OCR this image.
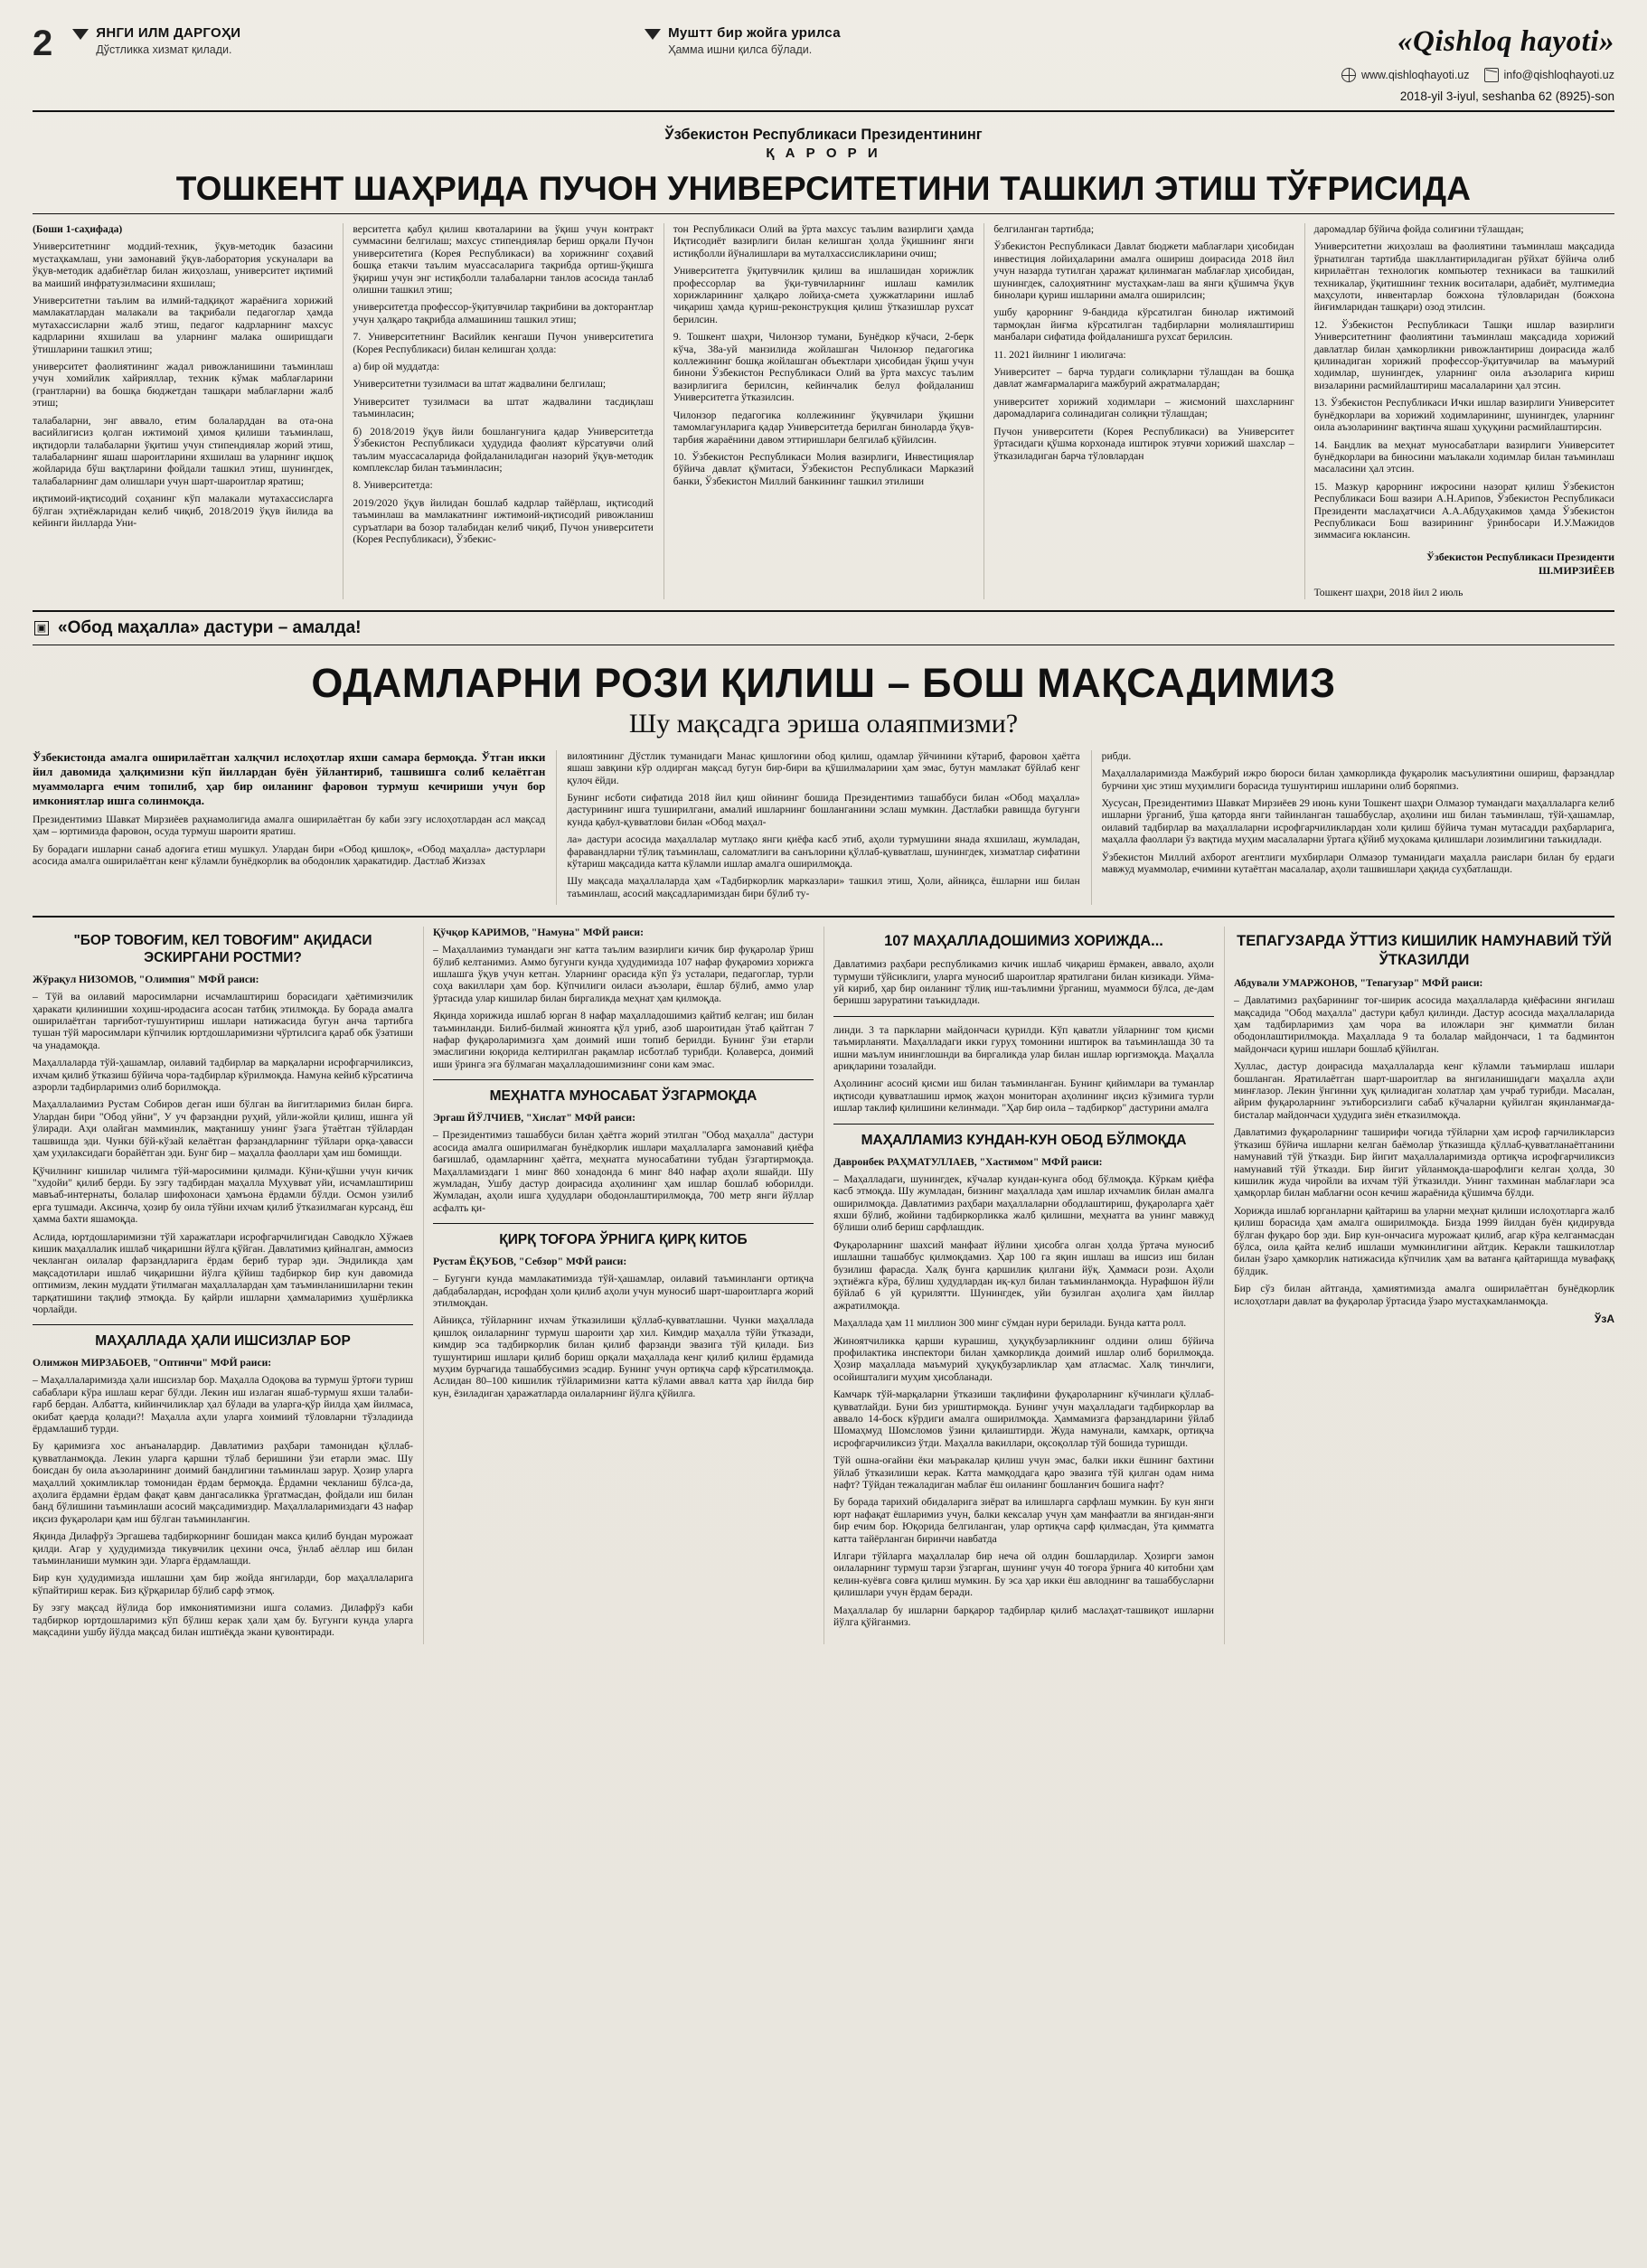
2	ЯНГИ ИЛМ ДАРГОҲИ
Дўстликка хизмат қилади.
Муштт бир жойга урилса
Ҳамма ишни қилса бўлади.	«Qishloq hayoti»
www.qishloqhayoti.uz	info@qishloqhayoti.uz
2018-yil 3-iyul, seshanba 62 (8925)-son
Ўзбекистон Республикаси Президентининг
Қ А Р О Р И
ТОШКЕНТ ШАҲРИДА ПУЧОН УНИВЕРСИТЕТИНИ ТАШКИЛ ЭТИШ ТЎҒРИСИДА

(Боши 1-саҳифада)

Университетнинг моддий-техник, ўқув-методик базасини мустаҳкамлаш, уни замонавий ўқув-лаборатория ускуналари ва ўқув-методик адабиётлар билан жиҳозлаш, университет иқтимий ва маиший инфратузилмасини яхшилаш;

Университетни таълим ва илмий-тадқиқот жараёнига хорижий мамлакатлардан малакали ва тақрибали педагоглар ҳамда мутахассисларни жалб этиш, педагог кадрларнинг махсус кадрларини яхшилаш ва уларнинг малака оширишдаги ўтишларини ташкил этиш;

университет фаолиятининг жадал ривожланишини таъминлаш учун хомийлик хайрияллар, техник кўмак маблағларини (грантларни) ва бошқа бюджетдан ташқари маблағларни жалб этиш;

талабаларни, энг аввало, етим болаларддан ва ота-она васийлигисиз қолган ижтимоий ҳимоя қилиши таъминлаш, иқтидорли талабаларни ўқитиш учун стипендиялар жорий этиш, талабаларнинг яшаш шароитларини яхшилаш ва уларнинг иқшоқ жойларида бўш вақтларини фойдали ташкил этиш, шунингдек, талабаларнинг дам олишлари учун шарт-шароитлар яратиш;

иқтимоий-иқтисодий соҳанинг кўп малакали мутахассисларга бўлган эҳтиёжларидан келиб чиқиб, 2018/2019 ўқув йилида ва кейинги йилларда Уни-

верситетга қабул қилиш квоталарини ва ўқиш учун контракт суммасини белгилаш; махсус стипендиялар бериш орқали Пучон университетига (Корея Республикаси) ва хорижнинг соҳавий бошқа етакчи таълим муассасаларига тақрибда ортиш-ўқишга ўқириш учун энг истиқболли талабаларни танлов асосида танлаб олишни ташкил этиш;

университетда профессор-ўқитувчилар тақрибини ва докторантлар учун ҳалқаро тақрибда алмашиниш ташкил этиш;

7. Университетнинг Васийлик кенгаши Пучон университетига (Корея Республикаси) билан келишган ҳолда:

а) бир ой муддатда:

Университетни тузилмаси ва штат жадвалини белгилаш;

Университет тузилмаси ва штат жадвалини тасдиқлаш таъминласин;

б) 2018/2019 ўқув йили бошлангунига қадар Университетда Ўзбекистон Республикаси ҳудудида фаолият кўрсатувчи олий таълим муассасаларида фойдаланиладиган назорий ўқув-методик комплекслар билан таъминласин;

8. Университетда:

2019/2020 ўқув йилидан бошлаб кадрлар тайёрлаш, иқтисодий таъминлаш ва мамлакатнинг ижтимоий-иқтисодий ривожланиш суръатлари ва бозор талабидан келиб чиқиб, Пучон университети (Корея Республикаси), Ўзбекис-

тон Республикаси Олий ва ўрта махсус таълим вазирлиги ҳамда Иқтисодиёт вазирлиги билан келишган ҳолда ўқишнинг янги истиқболли йўналишлари ва муталхассисликларини очиш;

Университетга ўқитувчилик қилиш ва ишлашидан хорижлик профессорлар ва ўқи-тувчиларнинг ишлаш камилик хорижларининг ҳалқаро лойиҳа-смета ҳужжатларини ишлаб чиқариш ҳамда қуриш-реконструкция қилиш ўтказишлар рухсат берилсин.

9. Тошкент шаҳри, Чилонзор тумани, Бунёдкор кўчаси, 2-берк кўча, 38а-уй манзилида жойлашган Чилонзор педагогика коллежининг бошқа жойлашган объектлари ҳисобидан ўқиш учун бинони Ўзбекистон Республикаси Олий ва ўрта махсус таълим вазирлигига берилсин, кейинчалик белул фойдаланиш Университетга ўтказилсин.

Чилонзор педагогика коллежининг ўқувчилари ўқишни тамомлагунларига қадар Университетда берилган биноларда ўқув-тарбия жараёнини давом эттиришлари белгилаб қўйилсин.

10. Ўзбекистон Республикаси Молия вазирлиги, Инвестициялар бўйича давлат қўмитаси, Ўзбекистон Республикаси Марказий банки, Ўзбекистон Миллий банкининг ташкил этилиши

белгиланган тартибда;

Ўзбекистон Республикаси Давлат бюджети маблағлари ҳисобидан инвестиция лойиҳаларини амалга ошириш доирасида 2018 йил учун назарда тутилган ҳаражат қилинмаган маблағлар ҳисобидан, шунингдек, салоҳиятнинг мустаҳкам-лаш ва янги қўшимча ўқув бинолари қуриш ишларини амалга оширилсин;

ушбу қарорнинг 9-бандида кўрсатилган бинолар ижтимоий тармоқлан йиғма кўрсатилган тадбирларни молиялаштириш манбалари сифатида фойдаланишга рухсат берилсин.

11. 2021 йилнинг 1 июлигача:

Университет – барча турдаги солиқларни тўлашдан ва бошқа давлат жамғармаларига мажбурий ажратмалардан;

университет хорижий ходимлари – жисмоний шахсларнинг даромадларига солинадиган солиқни тўлашдан;

Пучон университети (Корея Республикаси) ва Университет ўртасидаги қўшма корхонада иштирок этувчи хорижий шахслар – ўтказиладиган барча тўловлардан

даромадлар бўйича фойда солиғини тўлашдан;

Университетни жиҳозлаш ва фаолиятини таъминлаш мақсадида ўрнатилган тартибда шакллантириладиган рўйхат бўйича олиб кирилаётган технологик компьютер техникаси ва ташкилий техникалар, ўқитишнинг техник воситалари, адабиёт, мултимедиа маҳсулоти, инвентарлар божхона тўловларидан (божхона йиғимларидан ташқари) озод этилсин.

12. Ўзбекистон Республикаси Ташқи ишлар вазирлиги Университетнинг фаолиятини таъминлаш мақсадида хорижий давлатлар билан ҳамкорликни ривожлантириш доирасида жалб қилинадиган хорижий профессор-ўқитувчилар ва маъмурий ходимлар, шунингдек, уларнинг оила аъзоларига кириш визаларини расмийлаштириш масалаларини ҳал этсин.

13. Ўзбекистон Республикаси Ички ишлар вазирлиги Университет бунёдкорлари ва хорижий ходимларининг, шунингдек, уларнинг оила аъзоларининг вақтинча яшаш ҳуқуқини расмийлаштирсин.

14. Бандлик ва меҳнат муносабатлари вазирлиги Университет бунёдкорлари ва биносини маълакали ходимлар билан таъминлаш масаласини ҳал этсин.

15. Мазкур қарорнинг ижросини назорат қилиш Ўзбекистон Республикаси Бош вазири А.Н.Арипов, Ўзбекистон Республикаси Президенти маслаҳатчиси А.А.Абдуҳакимов ҳамда Ўзбекистон Республикаси Бош вазирининг ўринбосари И.У.Мажидов зиммасига юклансин.

Ўзбекистон Республикаси Президенти
Ш.МИРЗИЁЕВ
Тошкент шаҳри, 2018 йил 2 июль
▣ «Обод маҳалла» дастури – амалда!
ОДАМЛАРНИ РОЗИ ҚИЛИШ – БОШ МАҚСАДИМИЗ
Шу мақсадга эриша олаяпмизми?

Ўзбекистонда амалга оширилаётган халқчил ислоҳотлар яхши самара бермоқда. Ўтган икки йил давомида ҳалқимизни кўп йиллардан буён ўйлантириб, ташвишга солиб келаётган муаммоларга ечим топилиб, ҳар бир оиланинг фаровон турмуш кечириши учун бор имкониятлар ишга солинмоқда.

Президентимиз Шавкат Мирзиёев раҳнамолигида амалга оширилаётган бу каби эзгу ислоҳотлардан асл мақсад ҳам – юртимизда фаровон, осуда турмуш шароити яратиш.

Бу борадаги ишларни санаб адоғига етиш мушкул. Улардан бири «Обод қишлоқ», «Обод маҳалла» дастурлари асосида амалга оширилаётган кенг кўламли бунёдкорлик ва ободонлик ҳаракатидир. Дастлаб Жиззах

вилоятининг Дўстлик туманидаги Манас қишлоғини обод қилиш, одамлар ўйчинини кўтариб, фаровон ҳаётга яшаш завқини кўр олдирган мақсад бугун бир-бири ва қўшилмалариии ҳам эмас, бутун мамлакат бўйлаб кенг қулоч ёйди.

Бунинг исботи сифатида 2018 йил қиш ойининг бошида Президентимиз ташаббуси билан «Обод маҳалла» дастурининг ишга туширилгани, амалий ишларнинг бошланганини эслаш мумкин. Дастлабки равишда бугунги кунда қабул-қувватлови билан «Обод маҳал-

ла» дастури асосида маҳаллалар мутлақо янги қиёфа касб этиб, аҳоли турмушини янада яхшилаш, жумладан, фаравандларни тўлиқ таъминлаш, саломатлиги ва санълорини қўллаб-қувватлаш, шунингдек, хизматлар сифатини кўтариш мақсадида катта кўламли ишлар амалга оширилмоқда.

Шу мақсада маҳаллаларда ҳам «Тадбиркорлик марказлари» ташкил этиш, Ҳоли, айниқса, ёшларни иш билан таъминлаш, асосий мақсадларимиздан бири бўлиб ту-

рибди.

Маҳаллаларимизда Мажбурий ижро бюроси билан ҳамкорликда фуқаролик масъулиятини ошириш, фарзандлар бурчини ҳис этиш муҳимлиги борасида тушунтириш ишларини олиб боряпмиз.

Хусусан, Президентимиз Шавкат Мирзиёев 29 июнь куни Тошкент шаҳри Олмазор тумандаги маҳаллаларга келиб ишларни ўрганиб, ўша қаторда янги тайинланган ташаббуслар, аҳолини иш билан таъминлаш, тўй-ҳашамлар, оилавий тадбирлар ва маҳаллаларни исрофгарчиликлардан холи қилиш бўйича туман мутасадди раҳбарларига, маҳалла фаоллари ўз вақтида муҳим масалаларни ўртага қўйиб муҳокама қилишлари лозимлигини таъкидлади.

Ўзбекистон Миллий ахборот агентлиги мухбирлари Олмазор туманидаги маҳалла раислари билан бу ердаги мавжуд муаммолар, ечимини кутаётган масалалар, аҳоли ташвишлари ҳақида суҳбатлашди.

"БОР ТОВОҒИМ, КЕЛ ТОВОҒИМ" АҚИДАСИ ЭСКИРГАНИ РОСТМИ?
Жўрақул НИЗОМОВ, "Олимпия" МФЙ раиси:

– Тўй ва оилавий маросимларни исчамлаштириш борасидаги ҳаётимизчилик ҳаракати қилинишии хоҳиш-иродасига асосан татбиқ этилмоқда. Бу борада амалга оширилаётган тарғибот-тушунтириш ишлари натижасида бугун анча тартибга тушан тўй маросимлари кўпчилик юртдошларимизни чўртилсига қараб обк ўзатиши ча унадамоқда.

Маҳаллаларда тўй-ҳашамлар, оилавий тадбирлар ва марқаларни исрофгарчиликсиз, ихчам қилиб ўтказиш бўйича чора-тадбирлар кўрилмоқда. Намуна кейиб кўрсатиича азрорли тадбирларимиз олиб борилмоқда.

Маҳаллалаимиз Рустам Собиров деган иши бўлган ва йигитларимиз билан бирга. Улардан бири "Обод уйни", У уч фарзандни руҳий, уйли-жойли қилиш, ишнга уй ўлиради. Аҳи олайган мамминлик, мақтанишу унинг ўзага ўтаётган тўйлардан ташвишда эди. Чунки бўй-кўзай келаётган фарзандларнинг тўйлари орқа-ҳавасси ҳам уҳилаксидаги борайётган эди. Бунг бир – маҳалла фаоллари ҳам иш бомишди.

Қўчилнинг кишилар чилимга тўй-маросимини қилмади. Кўни-қўшни учун кичик "худойи" қилиб берди. Бу эзгу тадбирдан маҳалла Муҳувват уйи, исчамлаштириш мавъаб-интернаты, болалар шифохонаси ҳамъона ёрдамли бўлди. Осмон узилиб ерга тушмади. Аксинча, ҳозир бу оила тўйни ихчам қилиб ўтказилмаган курсанд, ёш ҳамма бахти яшамоқда.

Аслида, юртдошларимизни тўй харажатлари исрофгарчилигидан Саводкло Хўжаев кишик маҳаллалик ишлаб чиқаришни йўлга қўйган. Давлатимиз қийналган, аммосиз чекланган оилалар фарзандларига ёрдам бериб турар эди. Эндиликда ҳам мақсадотилари ишлаб чиқаришни йўлга қўйиш тадбиркор бир кун давомида оптимизм, лекин муддати ўтилмаган маҳаллалардан ҳам таъминланишиларни текин тарқатишини тақлиф этмоқда. Бу қайрли ишларни ҳаммаларимиз ҳушёрликка чорлайди.

МАҲАЛЛАДА ҲАЛИ ИШСИЗЛАР БОР
Олимжон МИРЗАБОЕВ, "Оптинчи" МФЙ раиси:

– Маҳаллаларимизда ҳали ишсизлар бор. Маҳалла Одоқова ва турмуш ўртоғи туриш сабаблари кўра ишлаш кераг бўлди. Лекин иш излаган яшаб-турмуш яхши талаби-ғарб бердан. Албатта, кийинчиликлар ҳал бўлади ва уларга-қўр йилда ҳам йилмаса, окибат қаерда қолади?! Маҳалла аҳли уларга хоимиий тўловларни тўзладиида ёрдамлашиб турди.

Бу қаримизга хос анъаналардир. Давлатимиз раҳбари тамонидан қўллаб-қувватланмоқда. Лекин уларга қаршни тўлаб беришини ўзи етарли эмас. Шу боисдан бу оила аъзоларининг доимий бандлигини таъминлаш зарур. Ҳозир уларга маҳаллий ҳокимликлар томонидан ёрдам бермоқда. Ёрдамни чекланиш бўлса-да, аҳолига ёрдамни ёрдам фақат қавм дангасаликка ўргатмасдан, фойдали иш билан банд бўлишини таъминлаши асосий мақсадимиздир. Маҳаллаларимиздаги 43 нафар иқсиз фуқаролари қам иш бўлган таъминлангин.

Яқинда Дилафрўз Эргашева тадбиркорнинг бошидан макса қилиб бундан мурожаат қилди. Агар у ҳудудимизда тикувчилик цехини очса, ўнлаб аёллар иш билан таъминланиши мумкин эди. Уларга ёрдамлашди.

Бир кун ҳудудимизда ишлашни ҳам бир жойда янгиларди, бор маҳаллаларига кўпайтириш керак. Биз қўрқарилар бўлиб сарф этмоқ.

Бу эзгу мақсад йўлида бор имкониятимизни ишга соламиз. Дилафрўз каби тадбиркор юртдошларимиз кўп бўлиш керак ҳали ҳам бу. Бугунги кунда уларга мақсадини ушбу йўлда мақсад билан иштиёқда экани қувонтиради.

Қўчқор КАРИМОВ, "Намуна" МФЙ раиси:

– Маҳаллаимиз тумандаги энг катта таълим вазирлиги кичик бир фуқаролар ўриш бўлиб келтанимиз. Аммо бугунги кунда ҳудудимизда 107 нафар фуқаромиз хорижга ишлашга ўқув учун кетган. Уларнинг орасида кўп ўз усталари, педагоглар, турли соҳа вакиллари ҳам бор. Кўпчилиги оиласи аъзолари, ёшлар бўлиб, аммо улар ўртасида улар кишилар билан биргаликда меҳнат ҳам қилмоқда.

Яқинда хорижида ишлаб юрган 8 нафар маҳалладошимиз қайтиб келган; иш билан таъминланди. Билиб-билмай жиноятга қўл уриб, азоб шароитидан ўтаб қайтган 7 нафар фуқароларимизга ҳам доимий иши топиб берилди. Бунинг ўзи етарли эмаслигини юқорида келтирилган рақамлар исботлаб турибди. Қолаверса, доимий иши ўринга эга бўлмаган маҳалладошимизнинг сони кам эмас.

МЕҲНАТГА МУНОСАБАТ ЎЗГАРМОҚДА
Эргаш ЙЎЛЧИЕВ, "Хислат" МФЙ раиси:

– Президентимиз ташаббуси билан ҳаётга жорий этилган "Обод маҳалла" дастури асосида амалга оширилмаган бунёдкорлик ишлари маҳаллаларга замонавий қиёфа бағишлаб, одамларнинг ҳаётга, меҳнатга муносабатини тубдан ўзгартирмоқда. Маҳалламиздаги 1 минг 860 хонадонда 6 минг 840 нафар аҳоли яшайди. Шу жумладан, Ушбу дастур доирасида аҳолининг ҳам ишлар бошлаб юборилди. Жумладан, аҳоли ишга ҳудудлари ободонлаштирилмоқда, 700 метр янги йўллар асфалть қи-

ҚИРҚ ТОҒОРА ЎРНИГА ҚИРҚ КИТОБ
Рустам ЁҚУБОВ, "Себзор" МФЙ раиси:

– Бугунги кунда мамлакатимизда тўй-ҳашамлар, оилавий таъминланги ортиқча дабдабалардан, исрофдан ҳоли қилиб аҳоли учун муносиб шарт-шароитларга жорий этилмоқдан.

Айниқса, тўйларнинг ихчам ўтказилиши қўллаб-қувватлашни. Чунки маҳаллада қишлоқ оилаларнинг турмуш шароити ҳар хил. Кимдир маҳалла тўйи ўтказади, кимдир эса тадбиркорлик билан қилиб фарзанди эвазига тўй қилади. Биз тушунтириш ишлари қилиб бориш орқали маҳаллада кенг қилиб қилиш ёрдамида муҳим бурчагида ташаббусимиз эсадир. Бунинг учун ортиқча сарф кўрсатилмоқда. Аслидан 80–100 кишилик тўйларимизни катта кўлами аввал катта ҳар йилда бир кун, ёзиладиган ҳаражатларда оилаларнинг йўлга қўйилга.

107 МАҲАЛЛАДОШИМИЗ ХОРИЖДА...

Давлатимиз раҳбари республикамиз кичик ишлаб чиқариш ёрмакен, аввало, аҳоли турмуши тўйсиклиги, уларга муносиб шароитлар яратилгани билан кизикади. Уйма-уй кириб, ҳар бир оиланинг тўлиқ иш-таълимни ўрганиш, муаммоси бўлса, де-дам беришш заруратини таъкидлади.

линди. 3 та паркларни майдончаси қурилди. Кўп қаватли уйларнинг том қисми таъмирланяти. Маҳалладаги икки гуруҳ томонини иштирок ва таъминлашда 30 та ишни маълум ининглошнди ва биргаликда улар билан ишлар юргизмоқда. Маҳалла ариқларини тозалайди.

Аҳолининг асосий қисми иш билан таъминланган. Бунинг қийимлари ва туманлар иқтисоди қувватлашиш ирмоқ жаҳон мониторан аҳолининг иқсиз кўзимига турли ишлар таклиф қилишини келинмади. "Ҳар бир оила – тадбиркор" дастурини амалга

МАҲАЛЛАМИЗ КУНДАН-КУН ОБОД БЎЛМОҚДА
Давронбек РАҲМАТУЛЛАЕВ, "Хастимом" МФЙ раиси:

– Маҳалладаги, шунингдек, кўчалар кундан-кунга обод бўлмоқда. Кўркам қиёфа касб этмоқда. Шу жумладан, бизнинг маҳаллада ҳам ишлар ихчамлик билан амалга оширилмоқда. Давлатимиз раҳбари маҳаллаларни ободлаштириш, фуқароларга ҳаёт яхши бўлиб, жойини тадбиркорликка жалб қилишни, меҳнатга ва унинг мавжуд бўлиши олиб бериш сарфлашдик.

Фуқароларнинг шахсий манфаат йўлини ҳисобга олган ҳолда ўртача муносиб ишлашни ташаббус қилмоқдамиз. Ҳар 100 га яқин ишлаш ва ишсиз иш билан бузилиш фарасда. Халқ бунга қаршилик қилгани йўқ. Ҳаммаси рози. Аҳоли эҳтиёжга кўра, бўлиш ҳудудлардан иқ-кул билан таъминланмоқда. Нурафшон йўли бўйлаб 6 уй қурилятти. Шунингдек, уйи бузилган аҳолига ҳам йиллар ажратилмоқда.

Маҳаллада ҳам 11 миллион 300 минг сўмдан нури берилади. Бунда катта ролл.

Жиноятчиликка қарши курашиш, ҳуқуқбузарликнинг олдини олиш бўйича профилактика инспектори билан ҳамкорликда доимий ишлар олиб борилмоқда. Ҳозир маҳаллада маъмурий ҳуқуқбузарликлар ҳам атласмас. Халқ тинчлиги, осойишталиги муҳим ҳисобланади.

Камчарк тўй-марқаларни ўтказиши тақлифини фуқароларнинг кўчинлаги қўллаб-қувватлайди. Буни биз уриштирмоқда. Бунинг учун маҳалладаги тадбиркорлар ва аввало 14-боск кўрдиги амалга оширилмоқда. Ҳаммамизга фарзандларини ўйлаб Шомаҳмуд Шомсломов ўзини қилаиштирди. Жуда намунали, камхарк, ортиқча исрофгарчиликсиз ўтди. Маҳалла вакиллари, оқсоқоллар тўй бошида туришди.

Тўй ошна-оғайни ёки маъракалар қилиш учун эмас, балки икки ёшнинг бахтини ўйлаб ўтказилиши керак. Катта мамқоддага қаро эвазига тўй қилган одам нима нафт? Тўйдан тежаладиган маблағ ёш оиланинг бошланғич бошига нафт?

Бу борада тарихий обидаларига зиёрат ва илишларга сарфлаш мумкин. Бу кун янги юрт нафақат ёшларимиз учун, балки кексалар учун ҳам манфаатли ва янгидан-янги бир ечим бор. Юқорида белгиланган, улар ортиқча сарф қилмасдан, ўта қимматга катта тайёрланган биринчи навбатда

Илгари тўйларга маҳаллалар бир неча ой олдин бошлардилар. Ҳозирги замон оилаларнинг турмуш тарзи ўзгарган, шунинг учун 40 тоғора ўрнига 40 китобни ҳам келин-куёвга совға қилиш мумкин. Бу эса ҳар икки ёш авлоднинг ва ташаббусларни қилишлари учун ёрдам беради.

Маҳаллалар бу ишларни барқарор тадбирлар қилиб маслаҳат-ташвиқот ишларни йўлга қўйганмиз.

ТЕПАГУЗАРДА ЎТТИЗ КИШИЛИК НАМУНАВИЙ ТЎЙ ЎТКАЗИЛДИ
Абдували УМАРЖОНОВ, "Тепагузар" МФЙ раиси:

– Давлатимиз раҳбарининг тоғ-ширик асосида маҳаллаларда қиёфасини янгилаш мақсадида "Обод маҳалла" дастури қабул қилинди. Дастур асосида маҳаллаларида ҳам тадбирларимиз ҳам чора ва иложлари энг қимматли билан ободонлаштирилмоқда. Маҳаллада 9 та болалар майдончаси, 1 та бадминтон майдончаси қуриш ишлари бошлаб қўйилган.

Хуллас, дастур доирасида маҳаллаларда кенг кўламли таъмирлаш ишлари бошланган. Яратилаётган шарт-шароитлар ва янгиланишидаги маҳалла аҳли минғлазор. Лекин ўнгинни ҳуқ қилиадиган холатлар ҳам учраб турибди. Масалан, айрим фуқароларнинг эътиборсизлиги сабаб кўчаларни қуйилган яқинланмағда-бисталар майдончаси ҳудудига зиён етказилмоқда.

Давлатимиз фуқароларнинг таширифи чоғида тўйларни ҳам исроф гарчиликларсиз ўтказиш бўйича ишларни келган баёмолар ўтказишда қўллаб-қувватланаётганини намунавий тўй ўтказди. Бир йигит маҳаллаларимизда ортиқча исрофгарчиликсиз намунавий тўй ўтказди. Бир йигит уйланмоқда-шарофлиги келган ҳолда, 30 кишилик жуда чиройли ва ихчам тўй ўтказилди. Унинг тахминан маблағлари эса ҳамқорлар билан маблағни осон кечиш жараёнида қўшимча бўлди.

Хорижда ишлаб юрганларни қайтариш ва уларни меҳнат қилиши ислоҳотларга жалб қилиш борасида ҳам амалга оширилмоқда. Бизда 1999 йилдан буён қидирувда бўлган фуқаро бор эди. Бир кун-ончасига мурожаат қилиб, агар кўра келганмасдан бўлса, оила қайта келиб ишлаши мумкинлигини айтдик. Керакли ташкилотлар билан ўзаро ҳамкорлик натижасида кўпчилик ҳам ва ватанга қайтаришда мувафаққ бўлдик.

Бир сўз билан айтганда, ҳамиятимизда амалга оширилаётган бунёдкорлик ислоҳотлари давлат ва фуқаролар ўртасида ўзаро мустаҳкамланмоқда.

ЎзА
